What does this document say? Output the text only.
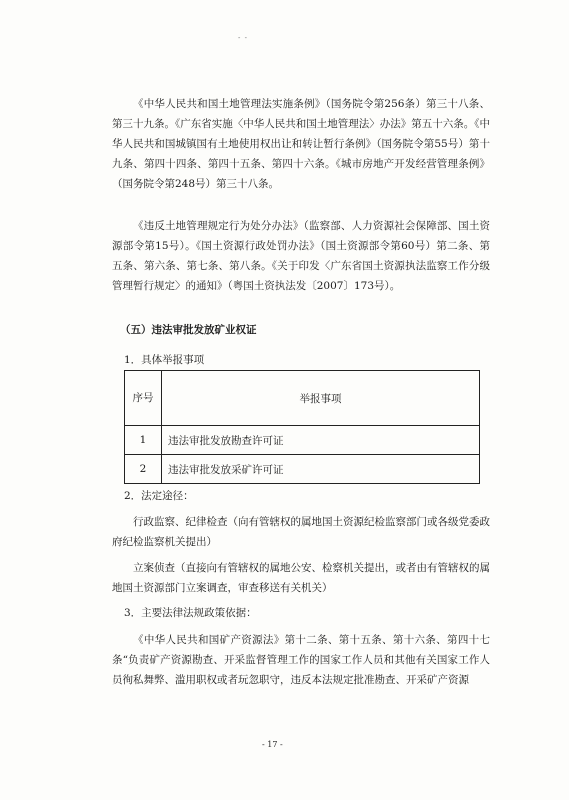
- -

《中华人民共和国土地管理法实施条例》（国务院令第256条）第三十八条、第三十九条。《广东省实施〈中华人民共和国土地管理法〉办法》第五十六条。《中华人民共和国城镇国有土地使用权出让和转让暂行条例》（国务院令第55号）第十九条、第四十四条、第四十五条、第四十六条。《城市房地产开发经营管理条例》（国务院令第248号）第三十八条。

《违反土地管理规定行为处分办法》（监察部、人力资源社会保障部、国土资源部令第15号）。《国土资源行政处罚办法》（国土资源部令第60号）第二条、第五条、第六条、第七条、第八条。《关于印发〈广东省国土资源执法监察工作分级管理暂行规定〉的通知》（粤国土资执法发〔2007〕173号）。

（五）违法审批发放矿业权证

1．具体举报事项

序号	举报事项
1	违法审批发放勘查许可证
2	违法审批发放采矿许可证

2．法定途径：

行政监察、纪律检查（向有管辖权的属地国土资源纪检监察部门或各级党委政府纪检监察机关提出）

立案侦查（直接向有管辖权的属地公安、检察机关提出，或者由有管辖权的属地国土资源部门立案调查，审查移送有关机关）

3．主要法律法规政策依据：

《中华人民共和国矿产资源法》第十二条、第十五条、第十六条、第四十七条“负责矿产资源勘查、开采监督管理工作的国家工作人员和其他有关国家工作人员徇私舞弊、滥用职权或者玩忽职守，违反本法规定批准勘查、开采矿产资源

- 17 -
